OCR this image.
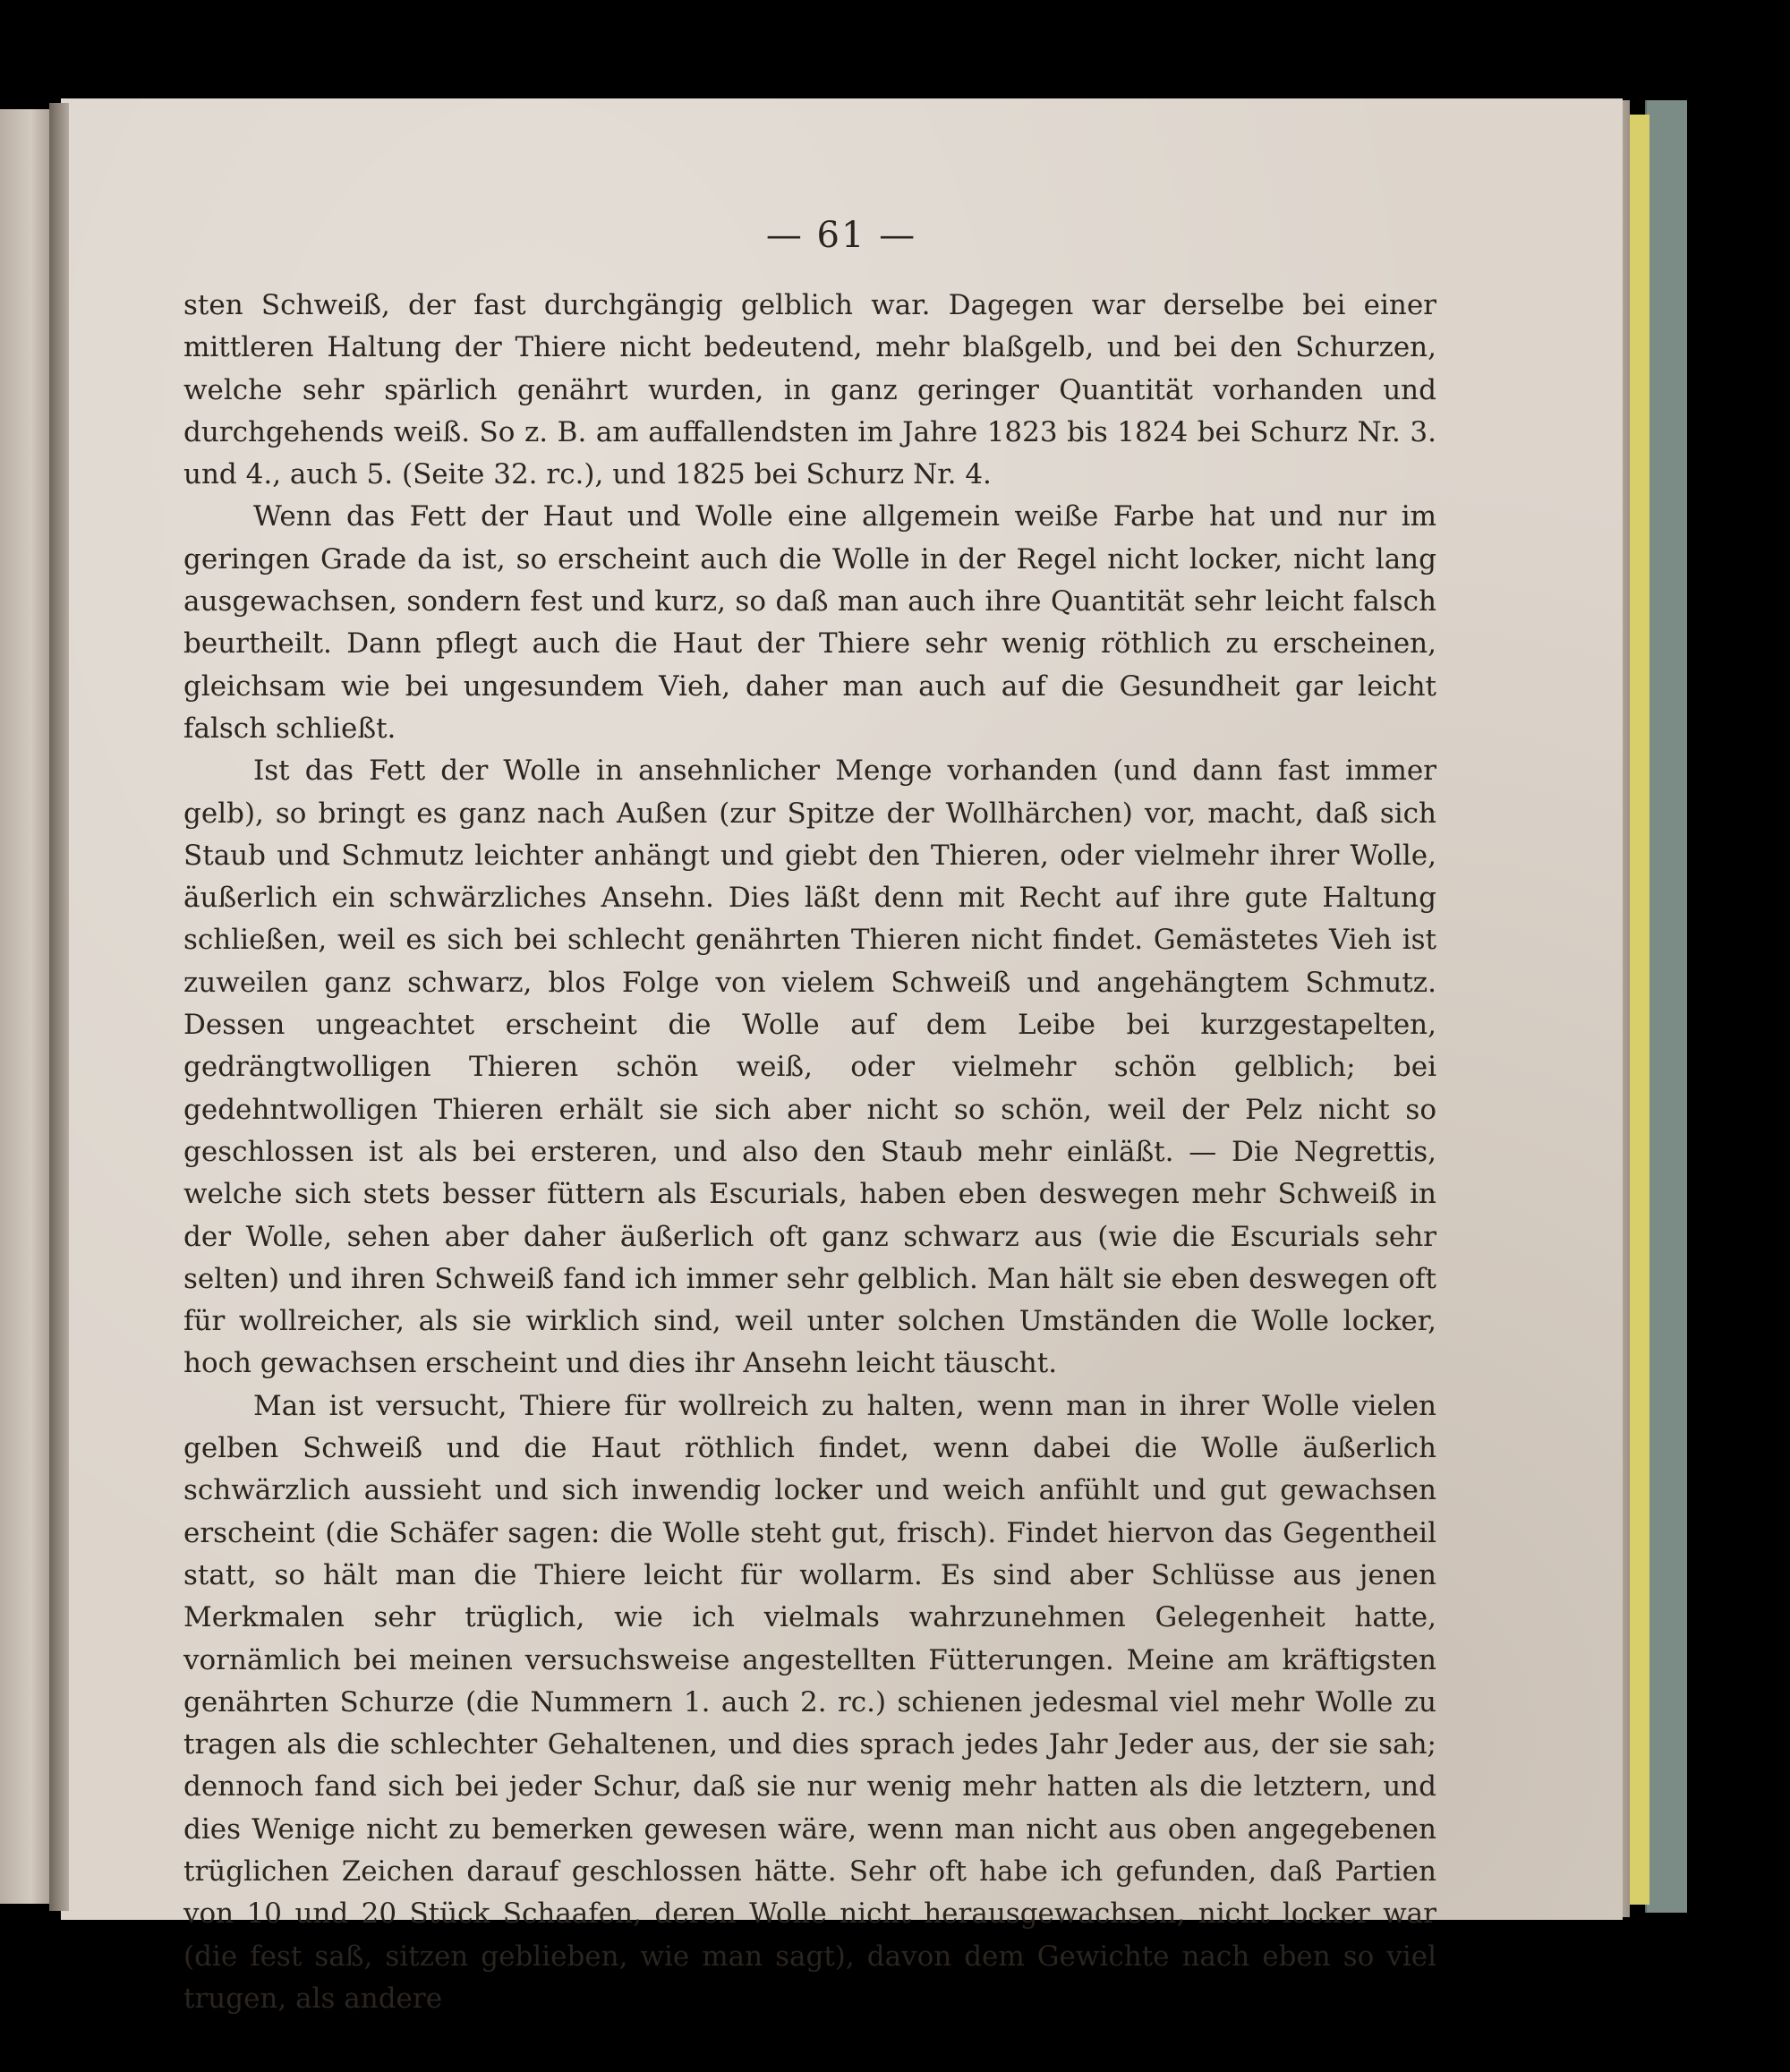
— 61 —

sten Schweiß, der fast durchgängig gelblich war. Dagegen war derselbe bei einer mittleren Haltung der Thiere nicht bedeutend, mehr blaßgelb, und bei den Schurzen, welche sehr spärlich genährt wurden, in ganz geringer Quantität vorhanden und durchgehends weiß. So z. B. am auffallendsten im Jahre 1823 bis 1824 bei Schurz Nr. 3. und 4., auch 5. (Seite 32. rc.), und 1825 bei Schurz Nr. 4.

Wenn das Fett der Haut und Wolle eine allgemein weiße Farbe hat und nur im geringen Grade da ist, so erscheint auch die Wolle in der Regel nicht locker, nicht lang ausgewachsen, sondern fest und kurz, so daß man auch ihre Quantität sehr leicht falsch beurtheilt. Dann pflegt auch die Haut der Thiere sehr wenig röthlich zu erscheinen, gleichsam wie bei ungesundem Vieh, daher man auch auf die Gesundheit gar leicht falsch schließt.

Ist das Fett der Wolle in ansehnlicher Menge vorhanden (und dann fast immer gelb), so bringt es ganz nach Außen (zur Spitze der Wollhärchen) vor, macht, daß sich Staub und Schmutz leichter anhängt und giebt den Thieren, oder vielmehr ihrer Wolle, äußerlich ein schwärzliches Ansehn. Dies läßt denn mit Recht auf ihre gute Haltung schließen, weil es sich bei schlecht genährten Thieren nicht findet. Gemästetes Vieh ist zuweilen ganz schwarz, blos Folge von vielem Schweiß und angehängtem Schmutz. Dessen ungeachtet erscheint die Wolle auf dem Leibe bei kurzgestapelten, gedrängtwolligen Thieren schön weiß, oder vielmehr schön gelblich; bei gedehntwolligen Thieren erhält sie sich aber nicht so schön, weil der Pelz nicht so geschlossen ist als bei ersteren, und also den Staub mehr einläßt. — Die Negrettis, welche sich stets besser füttern als Escurials, haben eben deswegen mehr Schweiß in der Wolle, sehen aber daher äußerlich oft ganz schwarz aus (wie die Escurials sehr selten) und ihren Schweiß fand ich immer sehr gelblich. Man hält sie eben deswegen oft für wollreicher, als sie wirklich sind, weil unter solchen Umständen die Wolle locker, hoch gewachsen erscheint und dies ihr Ansehn leicht täuscht.

Man ist versucht, Thiere für wollreich zu halten, wenn man in ihrer Wolle vielen gelben Schweiß und die Haut röthlich findet, wenn dabei die Wolle äußerlich schwärzlich aussieht und sich inwendig locker und weich anfühlt und gut gewachsen erscheint (die Schäfer sagen: die Wolle steht gut, frisch). Findet hiervon das Gegentheil statt, so hält man die Thiere leicht für wollarm. Es sind aber Schlüsse aus jenen Merkmalen sehr trüglich, wie ich vielmals wahrzunehmen Gelegenheit hatte, vornämlich bei meinen versuchsweise angestellten Fütterungen. Meine am kräftigsten genährten Schurze (die Nummern 1. auch 2. rc.) schienen jedesmal viel mehr Wolle zu tragen als die schlechter Gehaltenen, und dies sprach jedes Jahr Jeder aus, der sie sah; dennoch fand sich bei jeder Schur, daß sie nur wenig mehr hatten als die letztern, und dies Wenige nicht zu bemerken gewesen wäre, wenn man nicht aus oben angegebenen trüglichen Zeichen darauf geschlossen hätte. Sehr oft habe ich gefunden, daß Partien von 10 und 20 Stück Schaafen, deren Wolle nicht herausgewachsen, nicht locker war (die fest saß, sitzen geblieben, wie man sagt), davon dem Gewichte nach eben so viel trugen, als andere
